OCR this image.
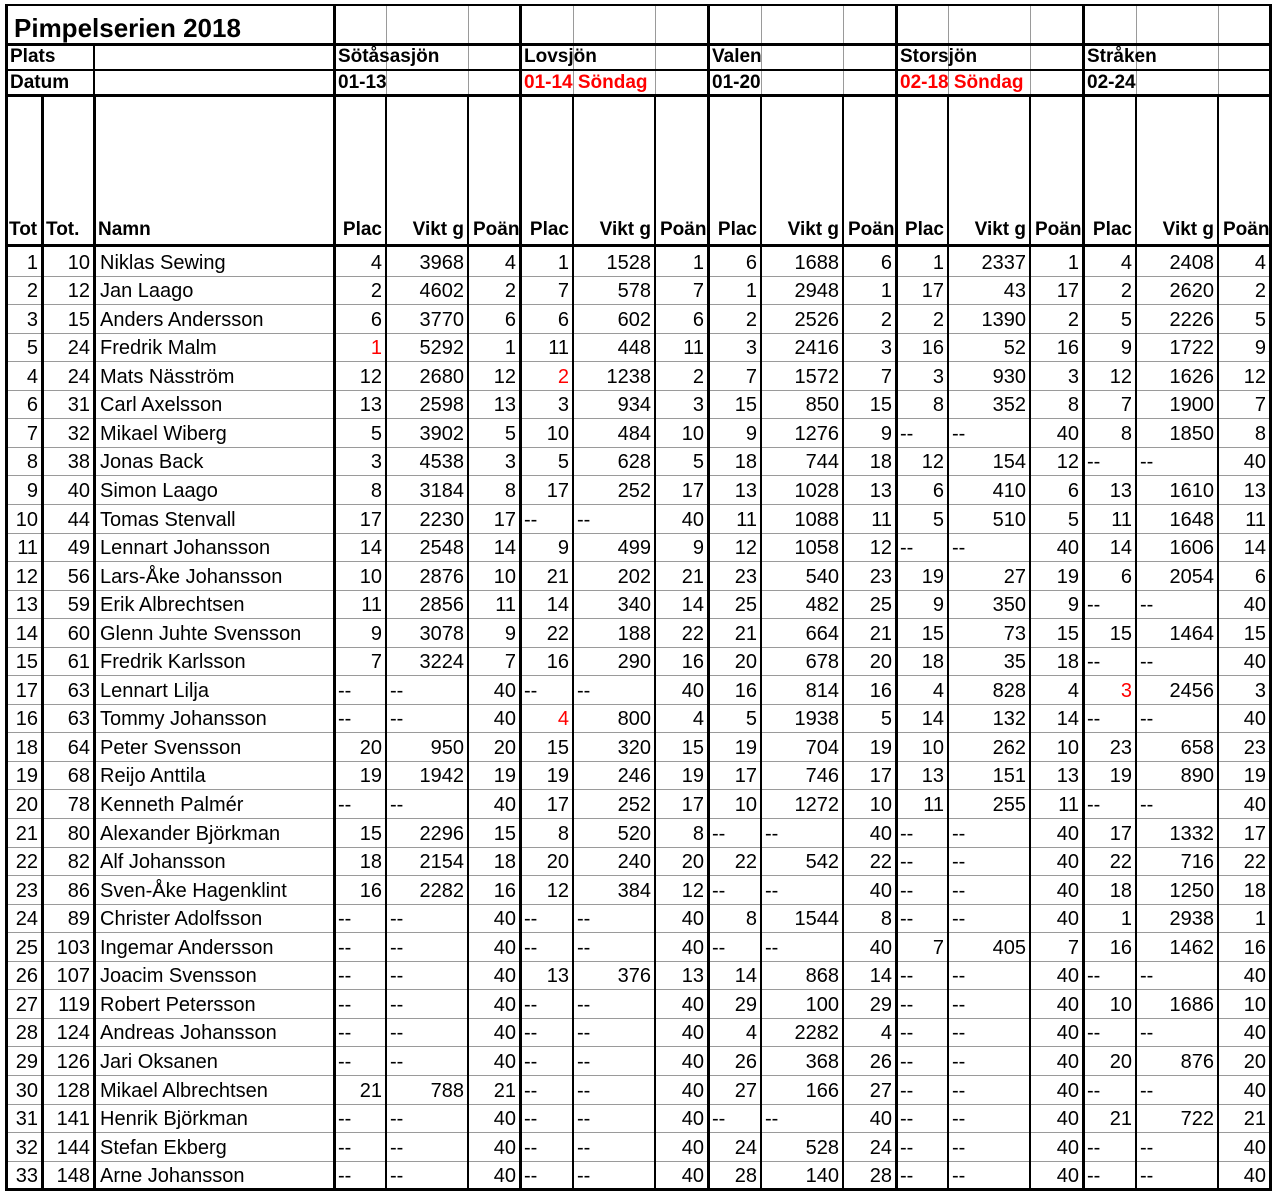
Pimpelserien 2018
Plats
Datum
Sötåsasjön
01-13
Lovsjön
01-14 Söndag
Valen
01-20
Storsjön
02-18 Söndag
Stråken
02-24
Tot Tot. Namn	Plac	Vikt g Poän Plac	Vikt g Poän Plac	Vikt g Poän Plac	Vikt g Poän Plac	Vikt g Poän
1	10 Niklas Sewing	4	3968	4	1	1528	1	6	1688	6	1	2337	1	4	2408	4
2	12 Jan Laago	2	4602	2	7	578	7	1	2948	1	17	43	17	2	2620	2
3	15 Anders Andersson	6	3770	6	6	602	6	2	2526	2	2	1390	2	5	2226	5
5	24 Fredrik Malm	1	5292	1	11	448	11	3	2416	3	16	52	16	9	1722	9
4	24 Mats Näsström	12	2680	12	2	1238	2	7	1572	7	3	930	3	12	1626	12
6	31 Carl Axelsson	13	2598	13	3	934	3	15	850	15	8	352	8	7	1900	7
7	32 Mikael Wiberg	5	3902	5	10	484	10	9	1276	9 --	--	40	8	1850	8
8	38 Jonas Back	3	4538	3	5	628	5	18	744	18	12	154	12 --	--	40
9	40 Simon Laago	8	3184	8	17	252	17	13	1028	13	6	410	6	13	1610	13
10	44 Tomas Stenvall	17	2230	17 --	--	40	11	1088	11	5	510	5	11	1648	11
11	49 Lennart Johansson	14	2548	14	9	499	9	12	1058	12 --	--	40	14	1606	14
12	56 Lars-Åke Johansson	10	2876	10	21	202	21	23	540	23	19	27	19	6	2054	6
13	59 Erik Albrechtsen	11	2856	11	14	340	14	25	482	25	9	350	9 --	--	40
14	60 Glenn Juhte Svensson	9	3078	9	22	188	22	21	664	21	15	73	15	15	1464	15
15	61 Fredrik Karlsson	7	3224	7	16	290	16	20	678	20	18	35	18 --	--	40
17	63 Lennart Lilja	--	--	40 --	--	40	16	814	16	4	828	4	3	2456	3
16	63 Tommy Johansson	--	--	40	4	800	4	5	1938	5	14	132	14 --	--	40
18	64 Peter Svensson	20	950	20	15	320	15	19	704	19	10	262	10	23	658	23
19	68 Reijo Anttila	19	1942	19	19	246	19	17	746	17	13	151	13	19	890	19
20	78 Kenneth Palmér	--	--	40	17	252	17	10	1272	10	11	255	11 --	--	40
21	80 Alexander Björkman	15	2296	15	8	520	8 --	--	40 --	--	40	17	1332	17
22	82 Alf Johansson	18	2154	18	20	240	20	22	542	22 --	--	40	22	716	22
23	86 Sven-Åke Hagenklint	16	2282	16	12	384	12 --	--	40 --	--	40	18	1250	18
24	89 Christer Adolfsson	--	--	40 --	--	40	8	1544	8 --	--	40	1	2938	1
25 103 Ingemar Andersson	--	--	40 --	--	40 --	--	40	7	405	7	16	1462	16
26 107 Joacim Svensson	--	--	40	13	376	13	14	868	14 --	--	40 --	--	40
27	119 Robert Petersson	--	--	40 --	--	40	29	100	29 --	--	40	10	1686	10
28 124 Andreas Johansson	--	--	40 --	--	40	4	2282	4 --	--	40 --	--	40
29 126 Jari Oksanen	--	--	40 --	--	40	26	368	26 --	--	40	20	876	20
30 128 Mikael Albrechtsen	21	788	21 --	--	40	27	166	27 --	--	40 --	--	40
31 141 Henrik Björkman	--	--	40 --	--	40 --	--	40 --	--	40	21	722	21
32 144 Stefan Ekberg	--	--	40 --	--	40	24	528	24 --	--	40 --	--	40
33 148 Arne Johansson	--	--	40 --	--	40	28	140	28 --	--	40 --	--	40
